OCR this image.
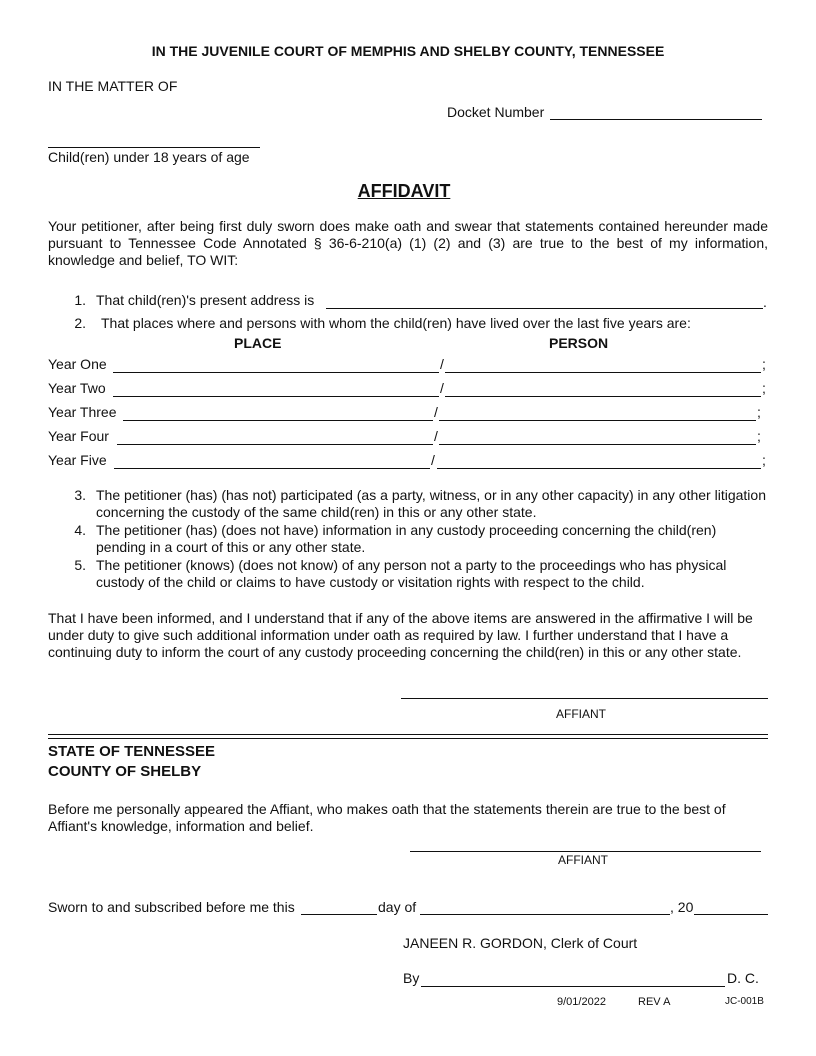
IN THE JUVENILE COURT OF MEMPHIS AND SHELBY COUNTY, TENNESSEE
IN THE MATTER OF
Docket Number
Child(ren) under 18 years of age
AFFIDAVIT
Your petitioner, after being first duly sworn does make oath and swear that statements contained hereunder made pursuant to Tennessee Code Annotated § 36-6-210(a) (1) (2) and (3) are true to the best of my information, knowledge and belief, TO WIT:
1. That child(ren)'s present address is	.
2. That places where and persons with whom the child(ren) have lived over the last five years are:
PLACE	PERSON
Year One	/	;
Year Two	/	;
Year Three	/	;
Year Four	/	;
Year Five	/	;
3. The petitioner (has) (has not) participated (as a party, witness, or in any other capacity) in any other litigation concerning the custody of the same child(ren) in this or any other state.
4. The petitioner (has) (does not have) information in any custody proceeding concerning the child(ren) pending in a court of this or any other state.
5. The petitioner (knows) (does not know) of any person not a party to the proceedings who has physical custody of the child or claims to have custody or visitation rights with respect to the child.
That I have been informed, and I understand that if any of the above items are answered in the affirmative I will be under duty to give such additional information under oath as required by law. I further understand that I have a continuing duty to inform the court of any custody proceeding concerning the child(ren) in this or any other state.
AFFIANT
STATE OF TENNESSEE
COUNTY OF SHELBY
Before me personally appeared the Affiant, who makes oath that the statements therein are true to the best of Affiant's knowledge, information and belief.
AFFIANT
Sworn to and subscribed before me this	day of	, 20
JANEEN R. GORDON, Clerk of Court
By	D. C.
9/01/2022	REV A	JC-001B
